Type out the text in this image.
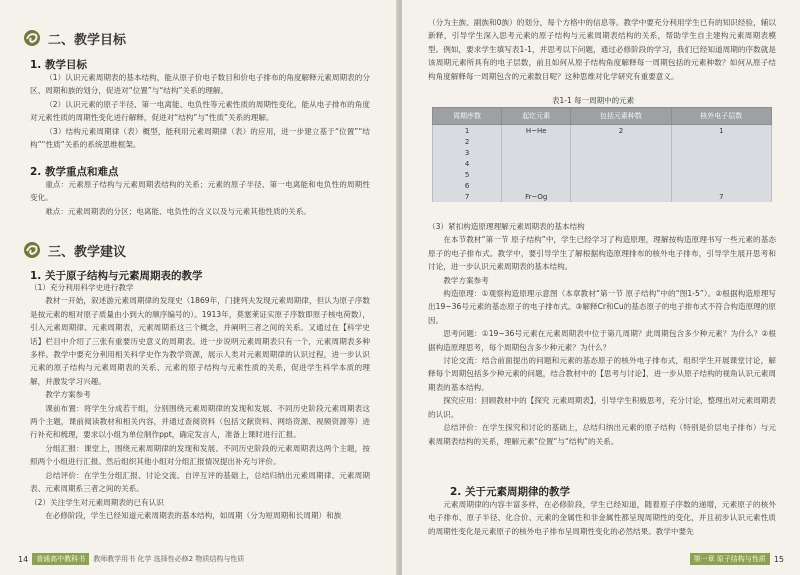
二、教学目标
1. 教学目标

（1）认识元素周期表的基本结构，能从原子价电子数目和价电子排布的角度解释元素周期表的分区、周期和族的划分，促进对“位置”与“结构”关系的理解。

（2）认识元素的原子半径、第一电离能、电负性等元素性质的周期性变化，能从电子排布的角度对元素性质的周期性变化进行解释，促进对“结构”与“性质”关系的理解。

（3）结构元素周期律（表）概型，能利用元素周期律（表）的应用，进一步建立基于“位置”“结构”“性质”关系的系统思维框架。

2. 教学重点和难点

重点：元素原子结构与元素周期表结构的关系；元素的原子半径、第一电离能和电负性的周期性变化。

难点：元素周期表的分区；电离能、电负性的含义以及与元素其他性质的关系。

三、教学建议
1. 关于原子结构与元素周期表的教学

（1）充分利用科学史进行教学

教材一开始，叙述游元素周期律的发现史（1869年，门捷列夫发现元素周期律，但认为原子序数是按元素的相对原子质量由小到大的顺序编号的）。1913年，莫塞莱证实原子序数即原子核电荷数），引入元素周期律、元素周期表，元素周期系这三个概念，并阐明三者之间的关系。又通过在【科学史话】栏目中介绍了三张有重要历史意义的周期表。进一步说明元素周期表只有一个，元素周期表多种多样。教学中要充分利用相关科学史作为教学资源，展示人类对元素周期律的认识过程，进一步认识元素的原子结构与元素周期表的关系、元素的原子结构与元素性质的关系，促进学生科学本质的理解，并激发学习兴趣。

教学方案参考

课前布置：将学生分成若干组，分别围绕元素周期律的发现和发展、不同历史阶段元素周期表这两个主题，课前阅读教材和相关内容，并通过查阅资料（包括文献资料、网络资源、视频资源等）进行补充和梳理，要求以小组为单位制作ppt，确定发言人，准备上课时进行汇报。

分组汇报：课堂上，围绕元素周期律的发现和发展、不同历史阶段的元素周期表这两个主题，按照两个小组进行汇报。然后组织其他小组对分组汇报情况提出补充与评价。

总结评价：在学生分组汇报、讨论交流、自评互评的基础上，总结归纳出元素周期律、元素周期表、元素周期系三者之间的关系。

（2）关注学生对元素周期表的已有认识

在必修阶段，学生已经知道元素周期表的基本结构，如周期（分为短周期和长周期）和族

14	普通高中教科书	教师教学用书 化学 选择性必修2 物质结构与性质

（分为主族、副族和0族）的划分，每个方格中的信息等。教学中要充分利用学生已有的知识经验，辅以新释，引导学生深入思考元素的原子结构与元素周期表结构的关系，帮助学生自主建构元素周期表模型。例如，要求学生填写表1-1，并思考以下问题，通过必修阶段的学习，我们已经知道周期的序数就是该周期元素所具有的电子层数，前且如何从原子结构角度解释每一周期包括的元素种数？如何从原子结构角度解释每一周期包含的元素数目呢？这种思维对化学研究有重要意义。

表1-1 每一周期中的元素
周期序数	起讫元素	包括元素种数	核外电子层数
1	H~He	2	1
2			
3			
4			
5			
6			
7	Fr~Og		7

（3）紧扣构造原理理解元素周期表的基本结构

在本节教材“第一节 原子结构”中，学生已经学习了构造原理，理解按构造原理书写一些元素的基态原子的电子排布式。教学中，要引导学生了解根据构造原理排布的核外电子排布，引导学生展开思考和讨论，进一步认识元素周期表的基本结构。

教学方案参考

构造原理：①观察构造原理示意图（本章教材“第一节 原子结构”中的“图1-5”）。②根据构造原理写出19~36号元素的基态原子的电子排布式。③解释Cr和Cu的基态原子的电子排布式不符合构造原理的原因。

思考问题：①19~36号元素在元素周期表中位于第几周期？此周期包含多少种元素？为什么？②根据构造原理思考，每个周期包含多少种元素？为什么？

讨论交流：结合前面提出的问题和元素的基态原子的核外电子排布式，组织学生开展课堂讨论，解释每个周期包括多少种元素的问题，结合教材中的【思考与讨论】，进一步从原子结构的视角认识元素周期表的基本结构。

探究应用：回顾教材中的【探究 元素周期表】，引导学生积极思考，充分讨论，整理出对元素周期表的认识。

总结评价：在学生探究和讨论的基础上，总结归纳出元素的原子结构（特别是价层电子排布）与元素周期表结构的关系，理解元素“位置”与“结构”的关系。

2. 关于元素周期律的教学

元素周期律的内容丰富多样，在必修阶段，学生已经知道，随着原子序数的递增，元素原子的核外电子排布、原子半径、化合价、元素的金属性和非金属性都呈现周期性的变化，并且初步认识元素性质的周期性变化是元素原子的核外电子排布呈周期性变化的必然结果。教学中要先

第一章 原子结构与性质	15
